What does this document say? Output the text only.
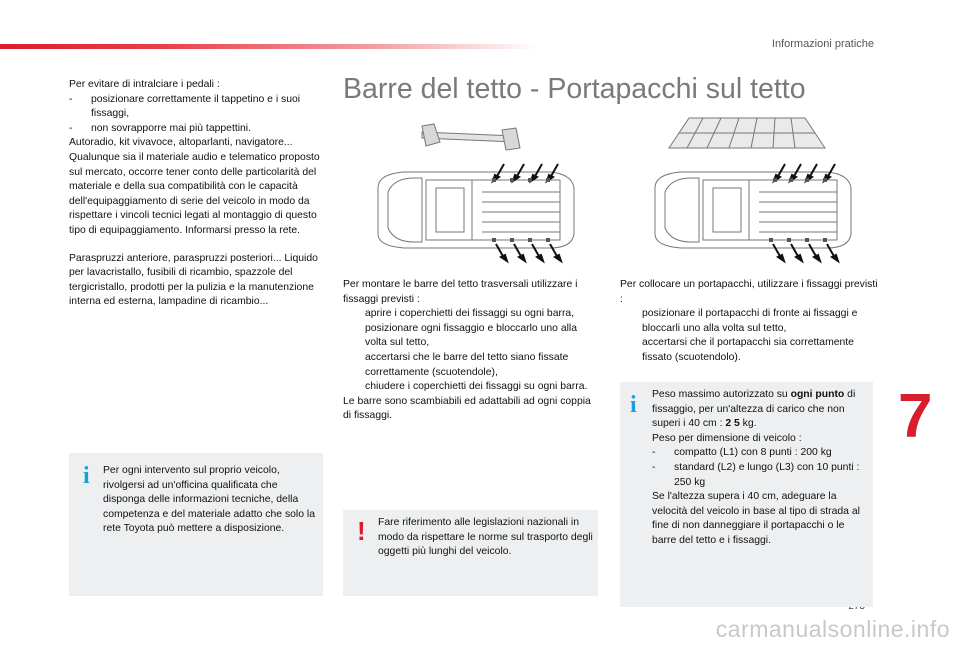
Informazioni pratiche
7

Per evitare di intralciare i pedali :

-	posizionare correttamente il tappetino e i suoi fissaggi,
-	non sovrapporre mai più tappettini.

Autoradio, kit vivavoce, altoparlanti, navigatore...

Qualunque sia il materiale audio e telematico proposto sul mercato, occorre tener conto delle particolarità del materiale e della sua compatibilità con le capacità dell'equipaggiamento di serie del veicolo in modo da rispettare i vincoli tecnici legati al montaggio di questo tipo di equipaggiamento. Informarsi presso la rete.

Paraspruzzi anteriore, paraspruzzi posteriori... Liquido per lavacristallo, fusibili di ricambio, spazzole del tergicristallo, prodotti per la pulizia e la manutenzione interna ed esterna, lampadine di ricambio...

i Per ogni intervento sul proprio veicolo, rivolgersi ad un'officina qualificata che disponga delle informazioni tecniche, della competenza e del materiale adatto che solo la rete Toyota può mettere a disposizione.
Barre del tetto - Portapacchi sul tetto

Per montare le barre del tetto trasversali utilizzare i fissaggi previsti :

aprire i coperchietti dei fissaggi su ogni barra,
posizionare ogni fissaggio e bloccarlo uno alla volta sul tetto,
accertarsi che le barre del tetto siano fissate correttamente (scuotendole),
chiudere i coperchietti dei fissaggi su ogni barra.

Le barre sono scambiabili ed adattabili ad ogni coppia di fissaggi.

! Fare riferimento alle legislazioni nazionali in modo da rispettare le norme sul trasporto degli oggetti più lunghi del veicolo.

Per collocare un portapacchi, utilizzare i fissaggi previsti :

posizionare il portapacchi di fronte ai fissaggi e bloccarli uno alla volta sul tetto,
accertarsi che il portapacchi sia correttamente fissato (scuotendolo).
i Peso massimo autorizzato su ogni punto di fissaggio, per un'altezza di carico che non superi i 40 cm : 2 5 kg.

Peso per dimensione di veicolo :

-	compatto (L1) con 8 punti : 200 kg
-	standard (L2) e lungo (L3) con 10 punti : 250 kg

Se l'altezza supera i 40 cm, adeguare la velocità del veicolo in base al tipo di strada al fine di non danneggiare il portapacchi o le barre del tetto e i fissaggi.

carmanualsonline.info
